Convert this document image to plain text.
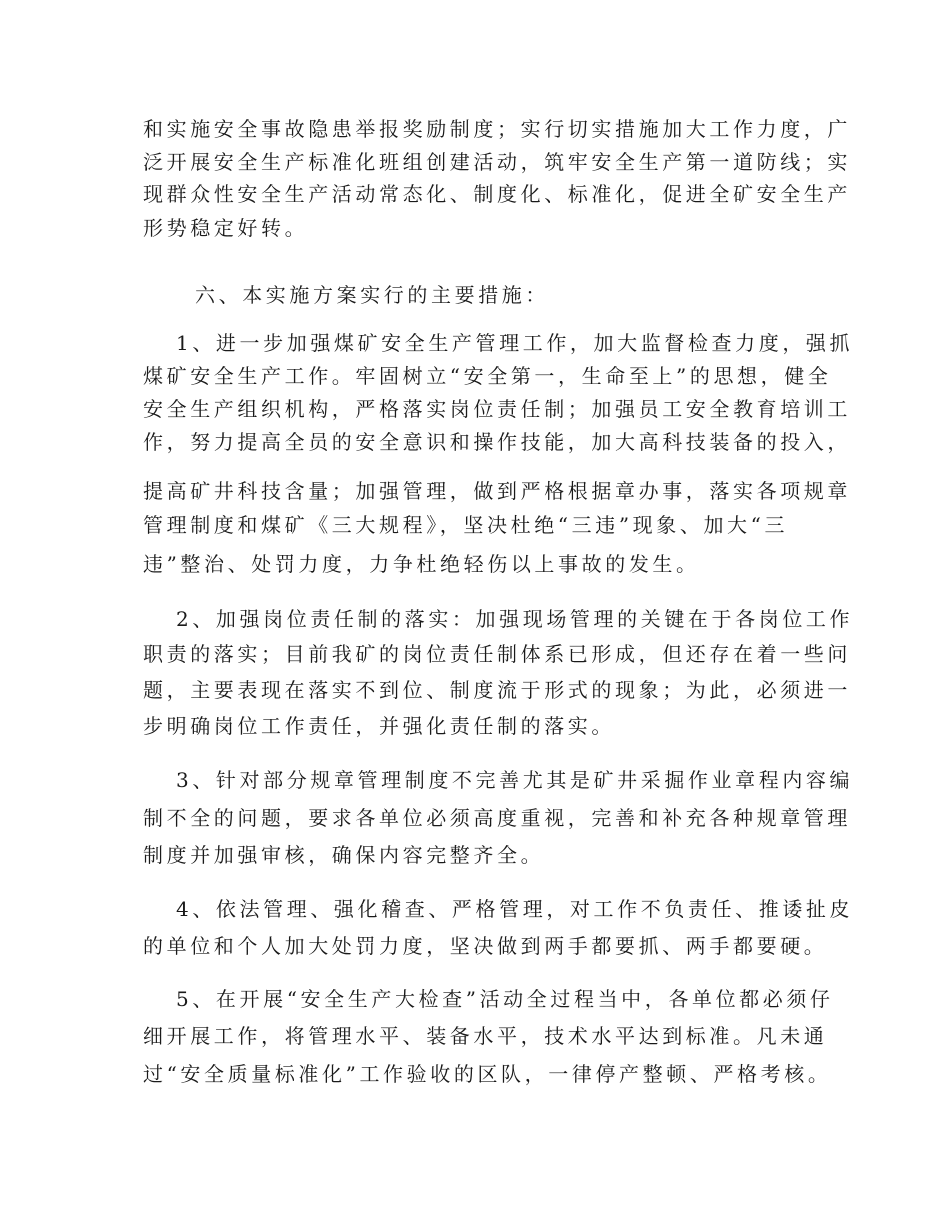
和实施安全事故隐患举报奖励制度；实行切实措施加大工作力度，广

泛开展安全生产标准化班组创建活动，筑牢安全生产第一道防线；实

现群众性安全生产活动常态化、制度化、标准化，促进全矿安全生产

形势稳定好转。

六、本实施方案实行的主要措施：

1、进一步加强煤矿安全生产管理工作，加大监督检查力度，强抓

煤矿安全生产工作。牢固树立“安全第一，生命至上”的思想，健全

安全生产组织机构，严格落实岗位责任制；加强员工安全教育培训工

作，努力提高全员的安全意识和操作技能，加大高科技装备的投入，

提高矿井科技含量；加强管理，做到严格根据章办事，落实各项规章

管理制度和煤矿《三大规程》，坚决杜绝“三违”现象、加大“三

违”整治、处罚力度，力争杜绝轻伤以上事故的发生。

2、加强岗位责任制的落实：加强现场管理的关键在于各岗位工作

职责的落实；目前我矿的岗位责任制体系已形成，但还存在着一些问

题，主要表现在落实不到位、制度流于形式的现象；为此，必须进一

步明确岗位工作责任，并强化责任制的落实。

3、针对部分规章管理制度不完善尤其是矿井采掘作业章程内容编

制不全的问题，要求各单位必须高度重视，完善和补充各种规章管理

制度并加强审核，确保内容完整齐全。

4、依法管理、强化稽查、严格管理，对工作不负责任、推诿扯皮

的单位和个人加大处罚力度，坚决做到两手都要抓、两手都要硬。

5、在开展“安全生产大检查”活动全过程当中，各单位都必须仔

细开展工作，将管理水平、装备水平，技术水平达到标准。凡未通

过“安全质量标准化”工作验收的区队，一律停产整顿、严格考核。
